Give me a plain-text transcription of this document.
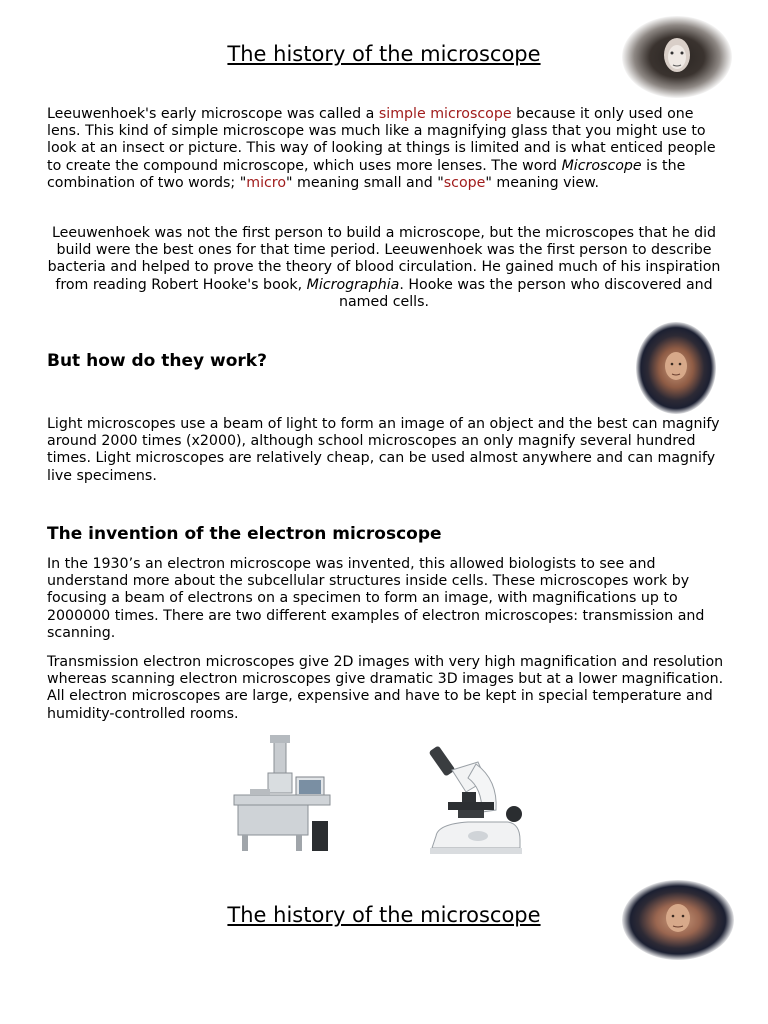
The history of the microscope

Leeuwenhoek's early microscope was called a simple microscope because it only used one lens. This kind of simple microscope was much like a magnifying glass that you might use to look at an insect or picture. This way of looking at things is limited and is what enticed people to create the compound microscope, which uses more lenses. The word Microscope is the combination of two words; "micro" meaning small and "scope" meaning view.

Leeuwenhoek was not the first person to build a microscope, but the microscopes that he did build were the best ones for that time period. Leeuwenhoek was the first person to describe bacteria and helped to prove the theory of blood circulation. He gained much of his inspiration from reading Robert Hooke's book, Micrographia. Hooke was the person who discovered and named cells.

But how do they work?

Light microscopes use a beam of light to form an image of an object and the best can magnify around 2000 times (x2000), although school microscopes an only magnify several hundred times. Light microscopes are relatively cheap, can be used almost anywhere and can magnify live specimens.

The invention of the electron microscope

In the 1930’s an electron microscope was invented, this allowed biologists to see and understand more about the subcellular structures inside cells. These microscopes work by focusing a beam of electrons on a specimen to form an image, with magnifications up to 2000000 times. There are two different examples of electron microscopes: transmission and scanning.

Transmission electron microscopes give 2D images with very high magnification and resolution whereas scanning electron microscopes give dramatic 3D images but at a lower magnification. All electron microscopes are large, expensive and have to be kept in special temperature and humidity-controlled rooms.

The history of the microscope
